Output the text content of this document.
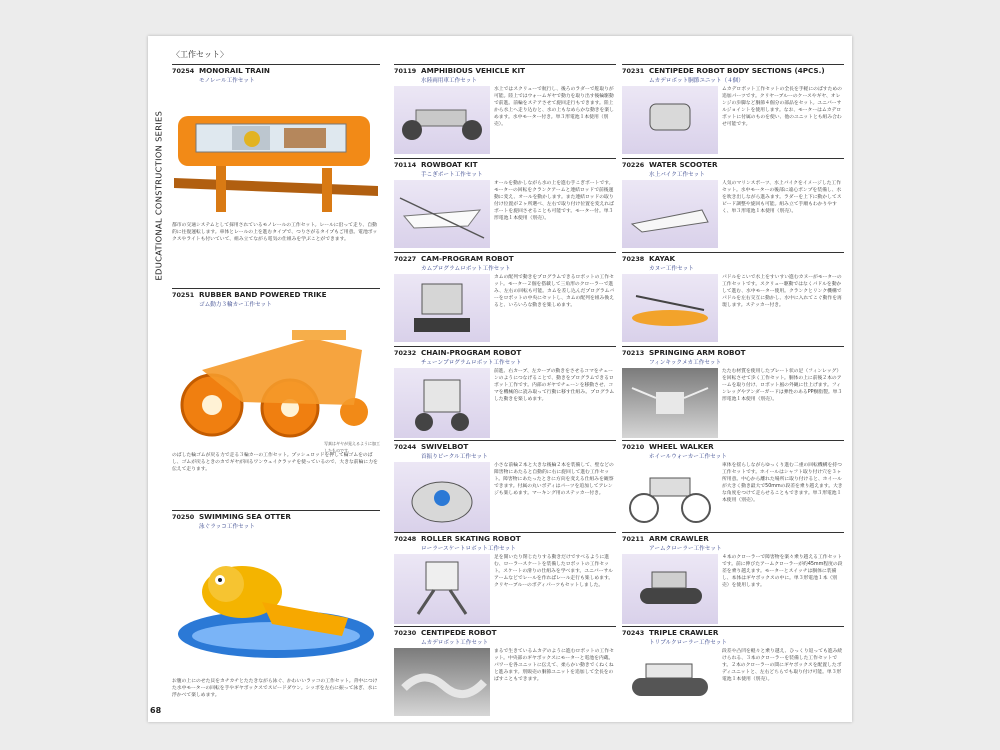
〈工作セット〉
EDUCATIONAL CONSTRUCTION SERIES
68
70254 MONORAIL TRAIN
モノレール工作セット
都市の交通システムとして採用されているモノレールの工作セット。レールに沿って走り、自動的に往復運転します。車体とレールの上を進むタイプで、つりさがるタイプもご用意。電池ボックスやライトも付いていて、組み立てながら電気の仕組みを学ぶことができます。
70251 RUBBER BAND POWERED TRIKE
ゴム動力３輪カー工作セット
写真はギヤが見えるように加工したものです。
のばした輪ゴムが戻る力で走る３輪カーの工作セット。プッシュロッドを押して輪ゴムをのばし、ゴムが戻るときのカでギヤが回るワンウェイクラッチを使っているので、大きな前輪に力を伝えて走ります。
70250 SWIMMING SEA OTTER
泳ぐラッコ工作セット
お腹の上にのせた貝をカチカチとたたきながら泳ぐ、かわいいラッコの工作セット。背中につけた水中モーターの回転を手やギヤボックスでスピードダウン。シッポを左右に振って泳ぎ、水に浮かべて楽しめます。
70119 AMPHIBIOUS VEHICLE KIT
水陸両用車工作セット
水上ではスクリューで航行し、後ろのラダーで舵取りが可能。陸上ではウォームギヤで動力を取り出す後輪駆動で前進。前輪をステアさせて旋回走行もできます。陸上から水上へ走り込むと、水の上もなめらかな動きを楽しめます。水中モーター付き。単３形電池１本使用（別売）。
70114 ROWBOAT KIT
手こぎボート工作セット
オールを動かしながら水の上を進む手こぎボートです。モーターの回転をクランクアームと連結ロッドで前後運動に変え、オールを動かします。また連結ロッドの取り付け位置が２ヶ所選べ、左右で取り付け位置を変えればボートを旋回させることも可能です。モーター付。単３形電池１本使用（別売）。
70227 CAM-PROGRAM ROBOT
カムプログラムロボット工作セット
カムの配列で動きをプログラムできるロボットの工作セット。モーター２個を搭載して三角形のクローラーで進み、左右の回転も可能。カムを差し込んだプログラムバーをロボットの中央にセットし、カムの配列を組み換えると、いろいろな動きを楽しめます。
70232 CHAIN-PROGRAM ROBOT
チェーンプログラムロボット工作セット
前進、右カーブ、左カーブの動きをさせるコマをチェーンのようにつなげることで、動きをプログラムできるロボット工作です。内部のギヤでチェーンを移動させ、コマを機械的に読み取って行動に移す仕組み。プログラムした動きを楽しめます。
70244 SWIVELBOT
首振りビークル工作セット
小さな前輪２本と大きな後輪２本を装備して、壁などの障害物にあたると自動的に右に旋回して進む工作セット。障害物にあたったときに方向を変える仕組みを観察できます。付属の丸いボディはパーツを追加してアレンジも楽しめます。マーキング用のステッカー付き。
70248 ROLLER SKATING ROBOT
ローラースケートロボット工作セット
足を開いたり閉じたりする動きだけですべるように進む、ローラースケートを装備したロボットの工作セット。スケートの滑りの仕組みを学べます。ユニバーサルアームなどでレールを作ればレール走行も楽しめます。クリヤーブルーのボディパーツもセットしました。
70230 CENTIPEDE ROBOT
ムカデロボット工作セット
まるで生きているムカデのように進むロボットの工作セット。中央部のギヤボックスにモーターと電池を内蔵。パワーを各ユニットに伝えて、柔らかい動きでくねくねと進みます。別販売の胴節ユニットを追加して全長をのばすこともできます。
70231 CENTIPEDE ROBOT BODY SECTIONS (4PCS.)
ムカデロボット胴節ユニット（４個）
ムカデロボット工作セットの全長を手軽にのばすための追加パーツです。クリヤーブルーのケースやギヤ、オレンジの歩脚など胴節４個分の部品をセット。ユニバーサルジョイントを使用します。なお、モーターはムカデロボットに付属のものを使い、他のユニットとも組み合わせ可能です。
70226 WATER SCOOTER
水上バイク工作セット
人気のマリンスポーツ、水上バイクをイメージした工作セット。水中モーターの後部に遠心ポンプを装備し、水を吹き出しながら進みます。ラダーを上下に動かしてスピード調整や旋回も可能。組み立て手順もわかりやすく、単３形電池１本使用（別売）。
70238 KAYAK
カヌー工作セット
パドルをこいで水上をすいすい進むカヌーがモーターの工作セットです。スクリュー駆動ではなくパドルを動かして進む、水中モーター使用。クランクとリンク機構でパドルを左右交互に動かし、水中に入れてこぐ動作を再現します。ステッカー付き。
70213 SPRINGING ARM ROBOT
フィンキックメカ工作セット
たたむ材質を使用したプレート状の足（フィンレッグ）を回転させて歩く工作セット。胴体の上に前後２本のアームを取り付け、ロボット風の外観に仕上げます。フィンレッグやアンダーガードは弾性のあるPP樹脂製。単３形電池１本使用（別売）。
70210 WHEEL WALKER
ホイールウォーカー工作セット
車体を揺らしながらゆっくり進む二重の回転機構を持つ工作セットです。ホイールはシャフト取り付け穴を３ヶ所用意。中心から離れた場所に取り付けると、ホイールが大きく動き最大で50mmの段差を乗り越えます。大きな角度をつけて走らせることもできます。単３形電池１本使用（別売）。
70211 ARM CRAWLER
アームクローラー工作セット
４本のクローラーで障害物を楽々乗り越える工作セットです。前に伸びたアームクローラーが約45mm程度の段差を乗り越えます。モーターとスイッチは胴体に装備し、本体はギヤボックスの中に。単３形電池１本（別売）を使用します。
70243 TRIPLE CRAWLER
トリプルクローラー工作セット
段差や凸凹を軽々と乗り越え、ひっくり返っても進み続けられる、３本のクローラーを装備した工作セットです。２本のクローラーの間にギヤボックスを配置したボディユニットと、左右どちらでも取り付け可能。単３形電池１本使用（別売）。
